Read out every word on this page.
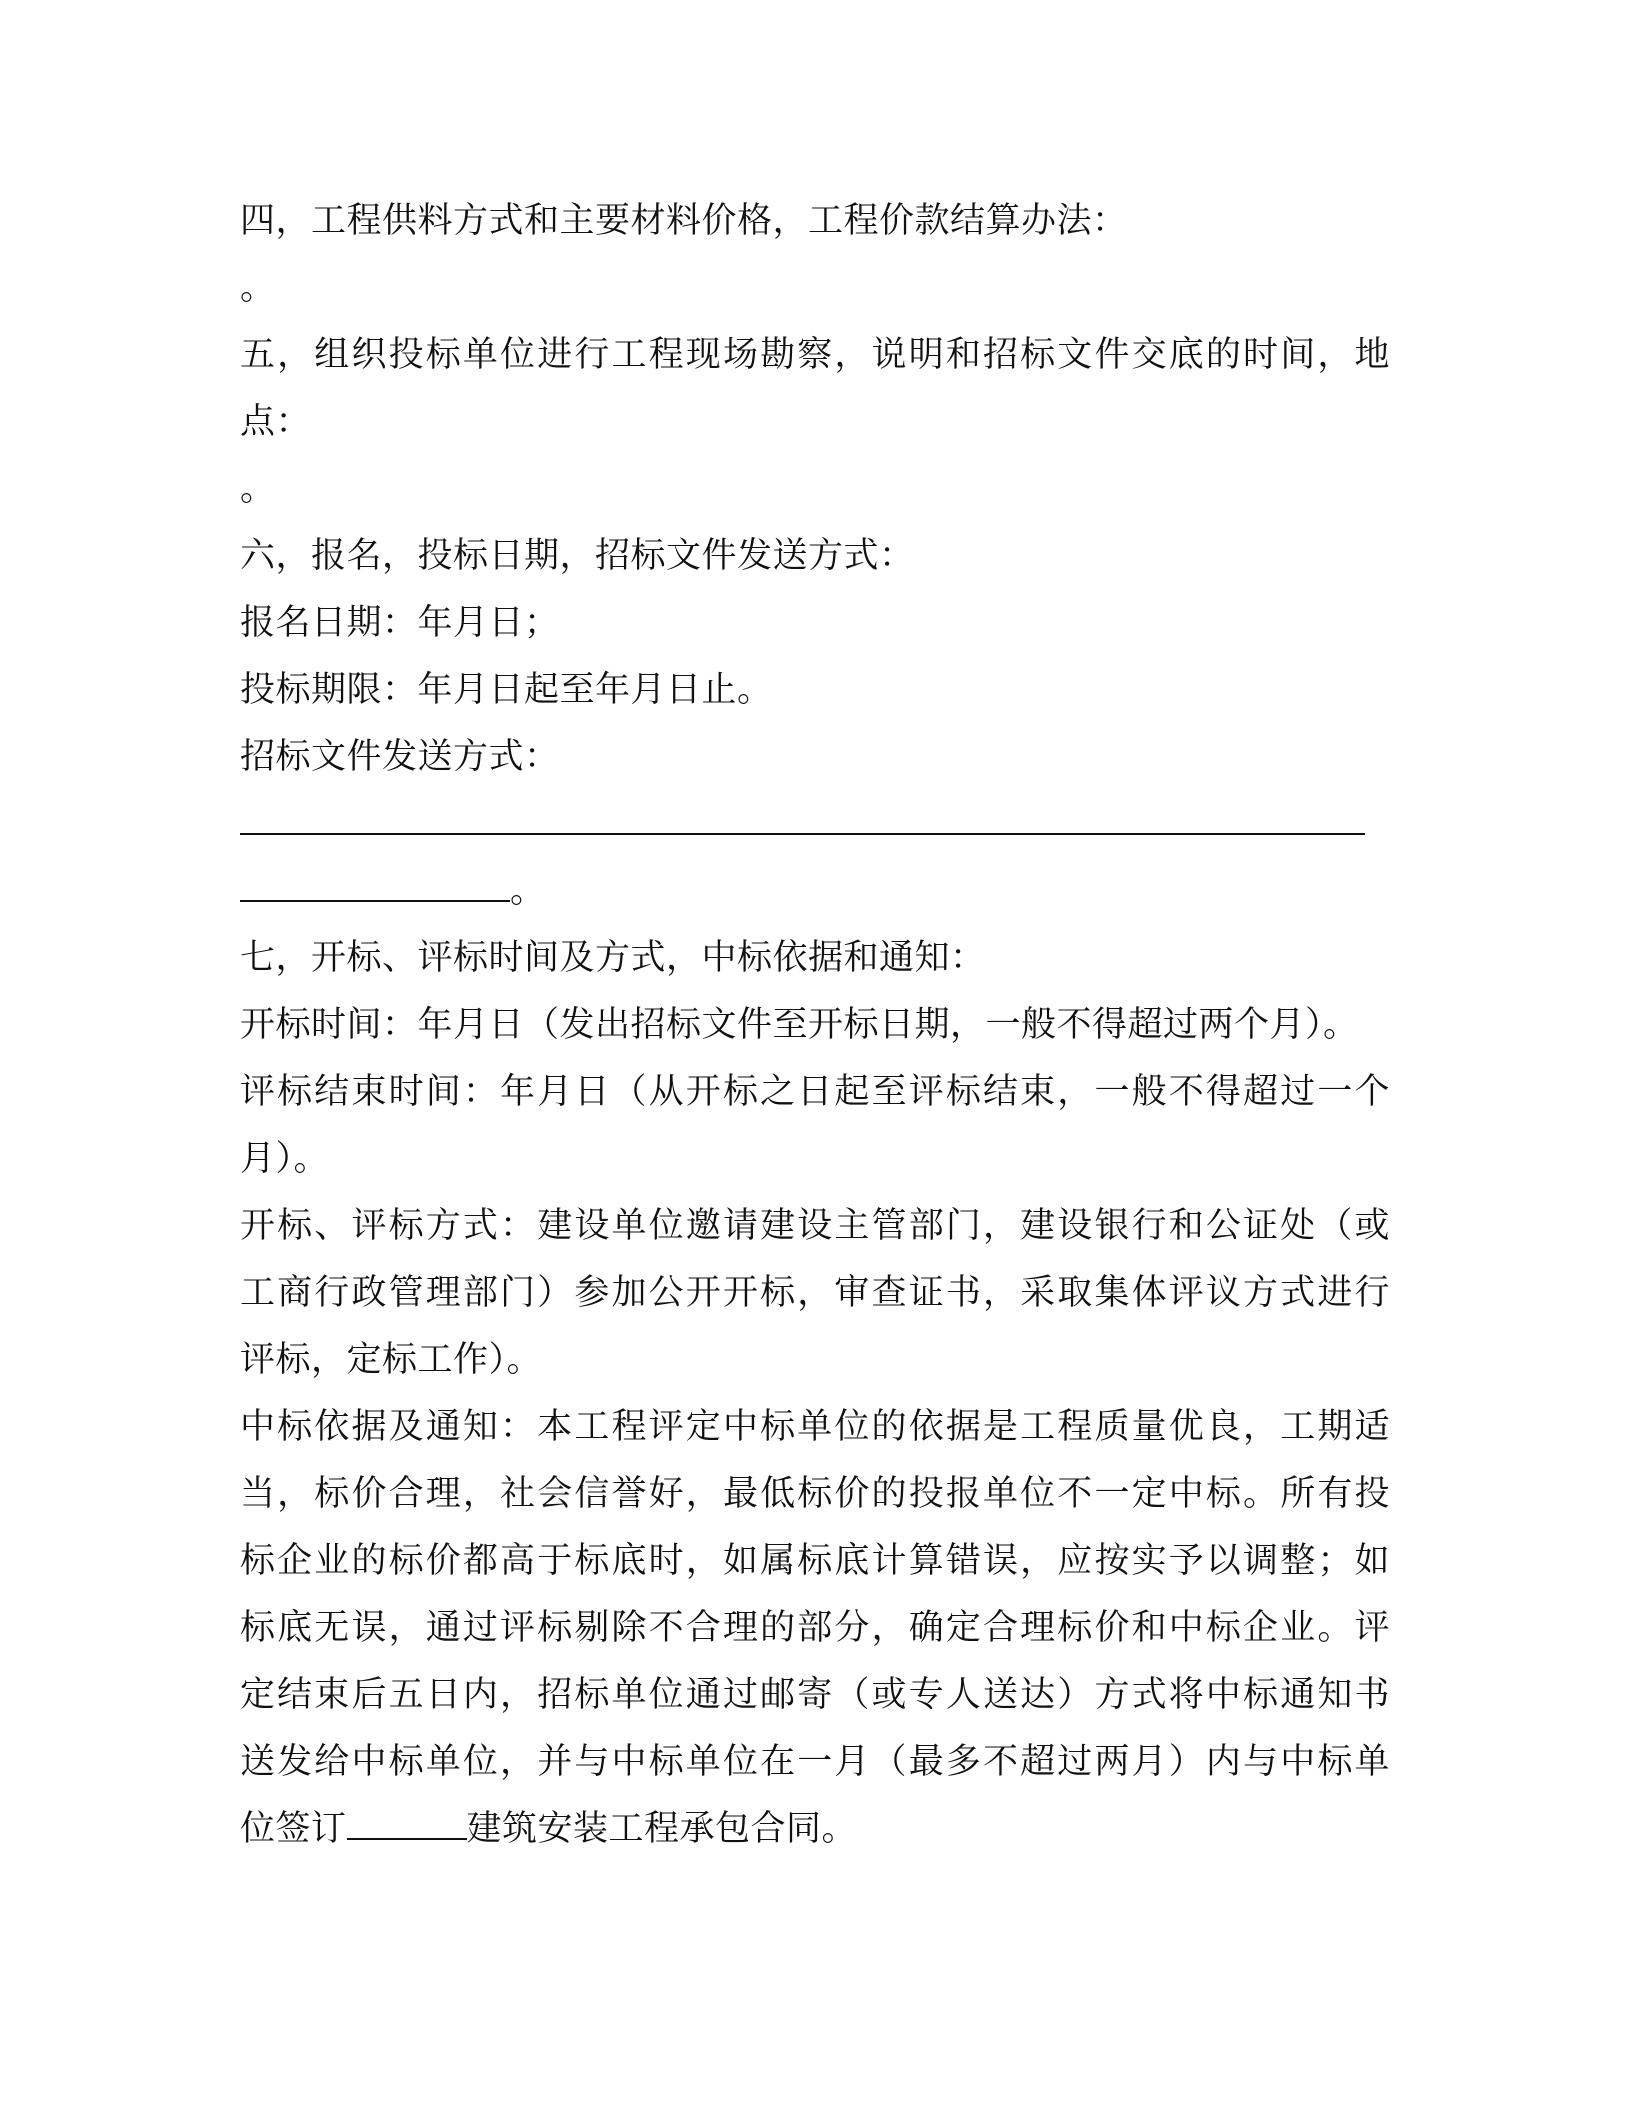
四，工程供料方式和主要材料价格，工程价款结算办法：
。
五，组织投标单位进行工程现场勘察，说明和招标文件交底的时间，地
点：
。
六，报名，投标日期，招标文件发送方式：
报名日期：年月日；
投标期限：年月日起至年月日止。
招标文件发送方式：
。
七，开标、评标时间及方式，中标依据和通知：
开标时间：年月日（发出招标文件至开标日期，一般不得超过两个月）。
评标结束时间：年月日（从开标之日起至评标结束，一般不得超过一个
月）。
开标、评标方式：建设单位邀请建设主管部门，建设银行和公证处（或
工商行政管理部门）参加公开开标，审查证书，采取集体评议方式进行
评标，定标工作）。
中标依据及通知：本工程评定中标单位的依据是工程质量优良，工期适
当，标价合理，社会信誉好，最低标价的投报单位不一定中标。所有投
标企业的标价都高于标底时，如属标底计算错误，应按实予以调整；如
标底无误，通过评标剔除不合理的部分，确定合理标价和中标企业。评
定结束后五日内，招标单位通过邮寄（或专人送达）方式将中标通知书
送发给中标单位，并与中标单位在一月（最多不超过两月）内与中标单
位签订	建筑安装工程承包合同。
